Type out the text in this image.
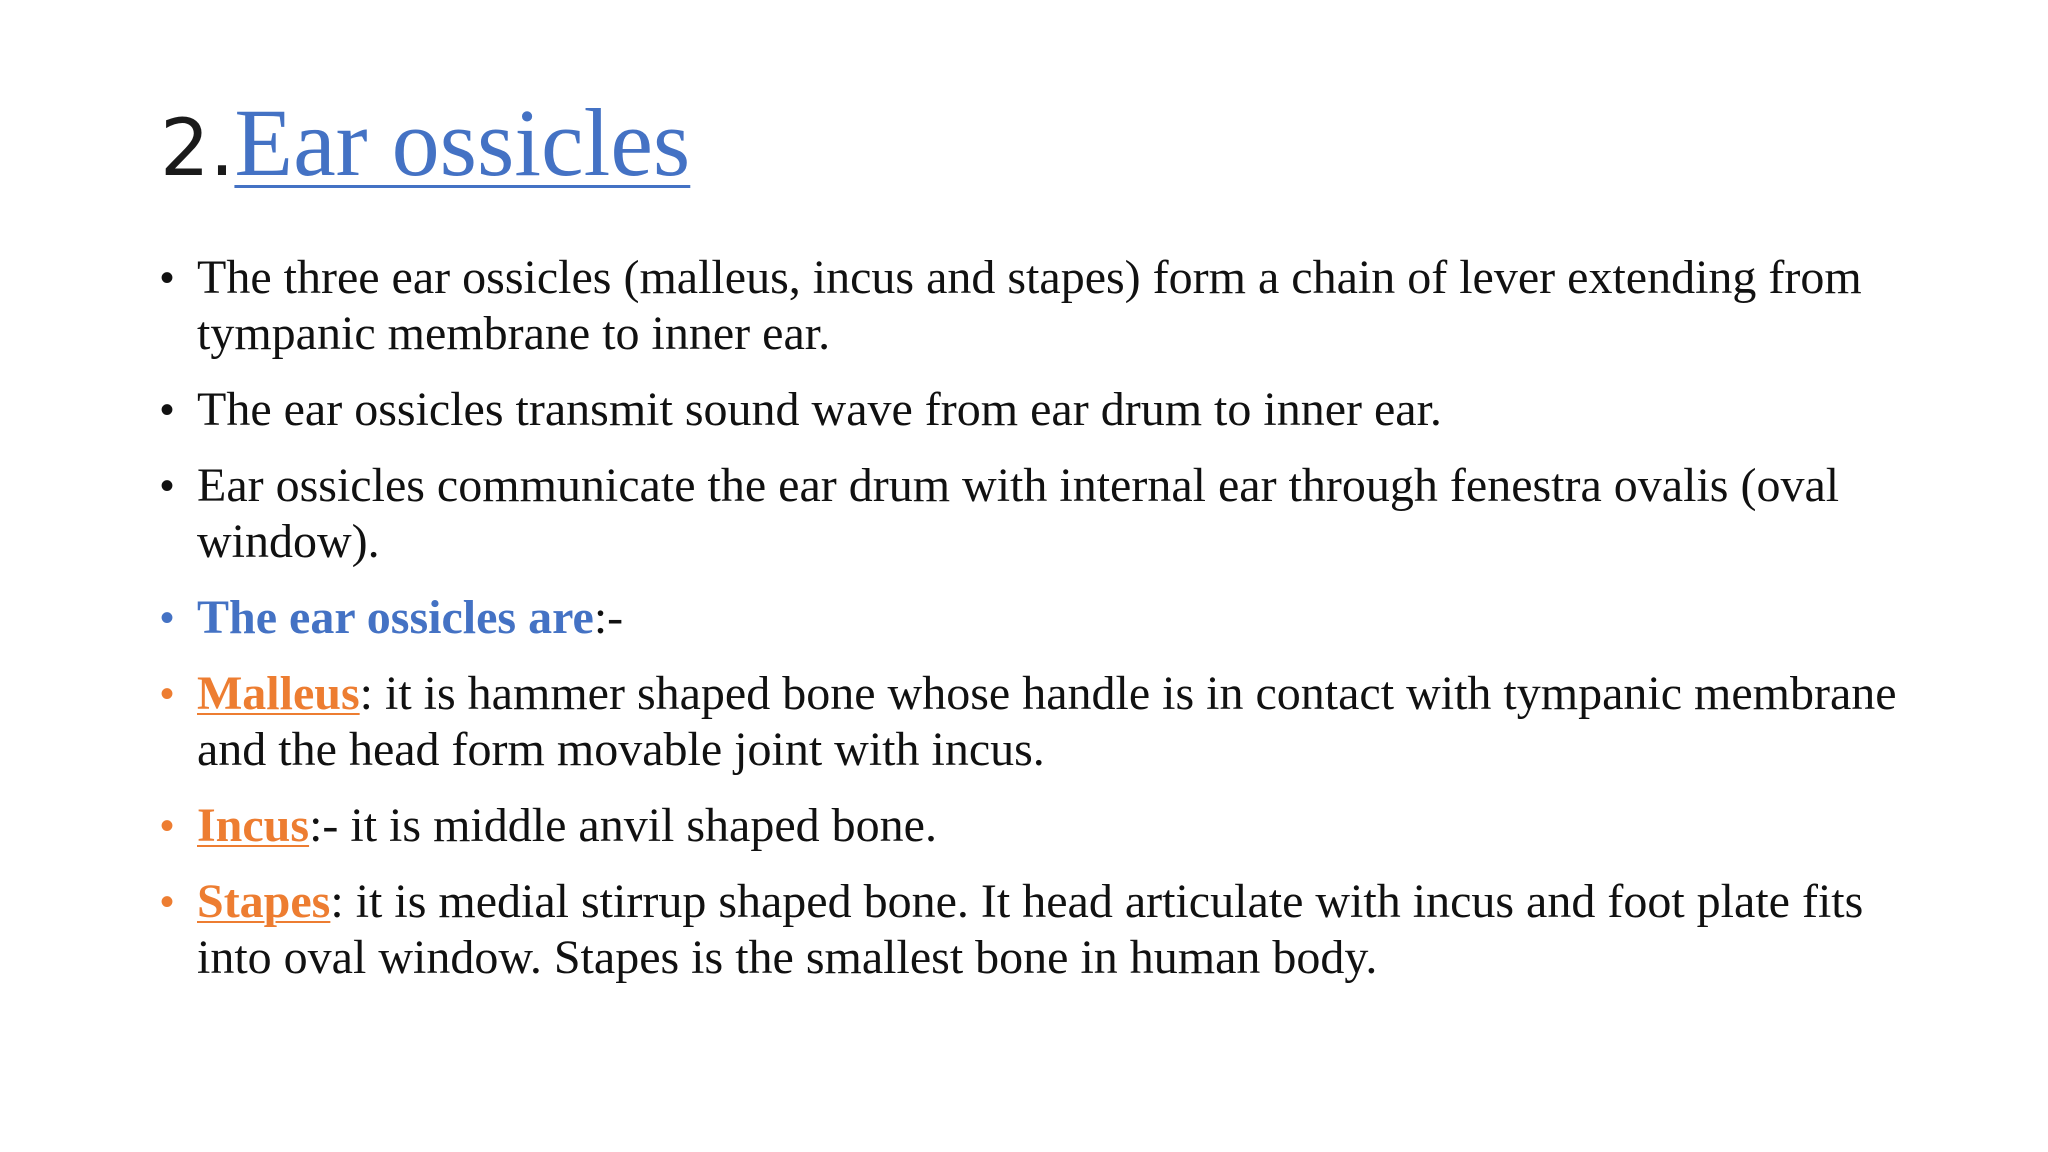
2.Ear ossicles
• The three ear ossicles (malleus, incus and stapes) form a chain of lever extending from tympanic membrane to inner ear.
• The ear ossicles transmit sound wave from ear drum to inner ear.
• Ear ossicles communicate the ear drum with internal ear through fenestra ovalis (oval window).
• The ear ossicles are:-
• Malleus: it is hammer shaped bone whose handle is in contact with tympanic membrane and the head form movable joint with incus.
• Incus:- it is middle anvil shaped bone.
• Stapes: it is medial stirrup shaped bone. It head articulate with incus and foot plate fits into oval window. Stapes is the smallest bone in human body.
